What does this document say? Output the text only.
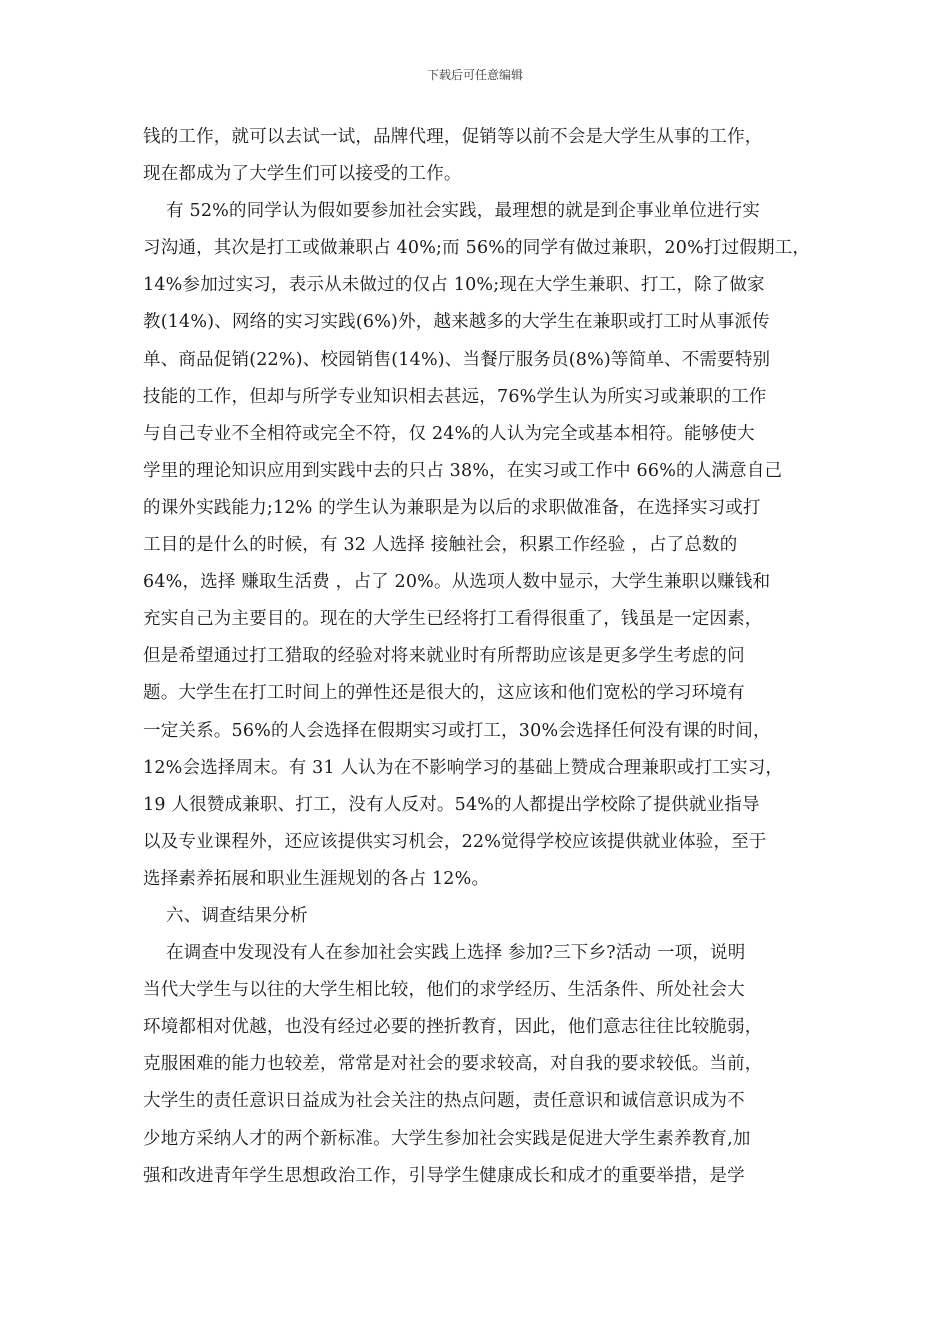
下载后可任意编辑
钱的工作，就可以去试一试，品牌代理，促销等以前不会是大学生从事的工作，
现在都成为了大学生们可以接受的工作。
有 52%的同学认为假如要参加社会实践，最理想的就是到企事业单位进行实
习沟通，其次是打工或做兼职占 40%;而 56%的同学有做过兼职，20%打过假期工，
14%参加过实习，表示从未做过的仅占 10%;现在大学生兼职、打工，除了做家
教(14%)、网络的实习实践(6%)外，越来越多的大学生在兼职或打工时从事派传
单、商品促销(22%)、校园销售(14%)、当餐厅服务员(8%)等简单、不需要特别
技能的工作，但却与所学专业知识相去甚远，76%学生认为所实习或兼职的工作
与自己专业不全相符或完全不符，仅 24%的人认为完全或基本相符。能够使大
学里的理论知识应用到实践中去的只占 38%，在实习或工作中 66%的人满意自己
的课外实践能力;12% 的学生认为兼职是为以后的求职做准备，在选择实习或打
工目的是什么的时候，有 32 人选择 接触社会，积累工作经验 ，占了总数的
64%，选择 赚取生活费 ，占了 20%。从选项人数中显示，大学生兼职以赚钱和
充实自己为主要目的。现在的大学生已经将打工看得很重了，钱虽是一定因素，
但是希望通过打工猎取的经验对将来就业时有所帮助应该是更多学生考虑的问
题。大学生在打工时间上的弹性还是很大的，这应该和他们宽松的学习环境有
一定关系。56%的人会选择在假期实习或打工，30%会选择任何没有课的时间，
12%会选择周末。有 31 人认为在不影响学习的基础上赞成合理兼职或打工实习，
19 人很赞成兼职、打工，没有人反对。54%的人都提出学校除了提供就业指导
以及专业课程外，还应该提供实习机会，22%觉得学校应该提供就业体验，至于
选择素养拓展和职业生涯规划的各占 12%。
六、调查结果分析
在调查中发现没有人在参加社会实践上选择 参加?三下乡?活动 一项，说明
当代大学生与以往的大学生相比较，他们的求学经历、生活条件、所处社会大
环境都相对优越，也没有经过必要的挫折教育，因此，他们意志往往比较脆弱，
克服困难的能力也较差，常常是对社会的要求较高，对自我的要求较低。当前，
大学生的责任意识日益成为社会关注的热点问题，责任意识和诚信意识成为不
少地方采纳人才的两个新标准。大学生参加社会实践是促进大学生素养教育,加
强和改进青年学生思想政治工作，引导学生健康成长和成才的重要举措，是学
